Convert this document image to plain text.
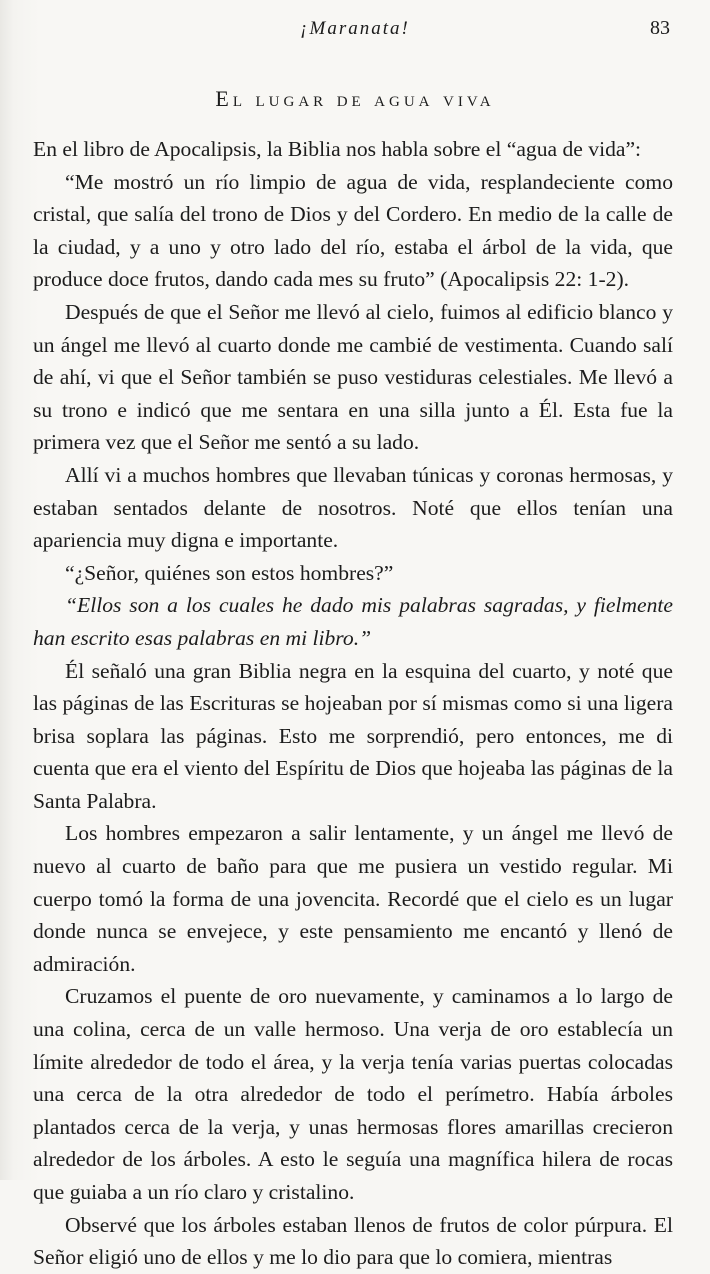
¡Maranata!	83
El lugar de agua viva

En el libro de Apocalipsis, la Biblia nos habla sobre el “agua de vida”:

“Me mostró un río limpio de agua de vida, resplandeciente como cristal, que salía del trono de Dios y del Cordero. En medio de la calle de la ciudad, y a uno y otro lado del río, estaba el árbol de la vida, que produce doce frutos, dando cada mes su fruto” (Apocalipsis 22: 1-2).

Después de que el Señor me llevó al cielo, fuimos al edificio blanco y un ángel me llevó al cuarto donde me cambié de vestimenta. Cuando salí de ahí, vi que el Señor también se puso vestiduras celestiales. Me llevó a su trono e indicó que me sentara en una silla junto a Él. Esta fue la primera vez que el Señor me sentó a su lado.

Allí vi a muchos hombres que llevaban túnicas y coronas hermosas, y estaban sentados delante de nosotros. Noté que ellos tenían una apariencia muy digna e importante.

“¿Señor, quiénes son estos hombres?”

“Ellos son a los cuales he dado mis palabras sagradas, y fielmente han escrito esas palabras en mi libro.”

Él señaló una gran Biblia negra en la esquina del cuarto, y noté que las páginas de las Escrituras se hojeaban por sí mismas como si una ligera brisa soplara las páginas. Esto me sorprendió, pero entonces, me di cuenta que era el viento del Espíritu de Dios que hojeaba las páginas de la Santa Palabra.

Los hombres empezaron a salir lentamente, y un ángel me llevó de nuevo al cuarto de baño para que me pusiera un vestido regular. Mi cuerpo tomó la forma de una jovencita. Recordé que el cielo es un lugar donde nunca se envejece, y este pensamiento me encantó y llenó de admiración.

Cruzamos el puente de oro nuevamente, y caminamos a lo largo de una colina, cerca de un valle hermoso. Una verja de oro establecía un límite alrededor de todo el área, y la verja tenía varias puertas colocadas una cerca de la otra alrededor de todo el perímetro. Había árboles plantados cerca de la verja, y unas hermosas flores amarillas crecieron alrededor de los árboles. A esto le seguía una magnífica hilera de rocas que guiaba a un río claro y cristalino.

Observé que los árboles estaban llenos de frutos de color púrpura. El Señor eligió uno de ellos y me lo dio para que lo comiera, mientras
